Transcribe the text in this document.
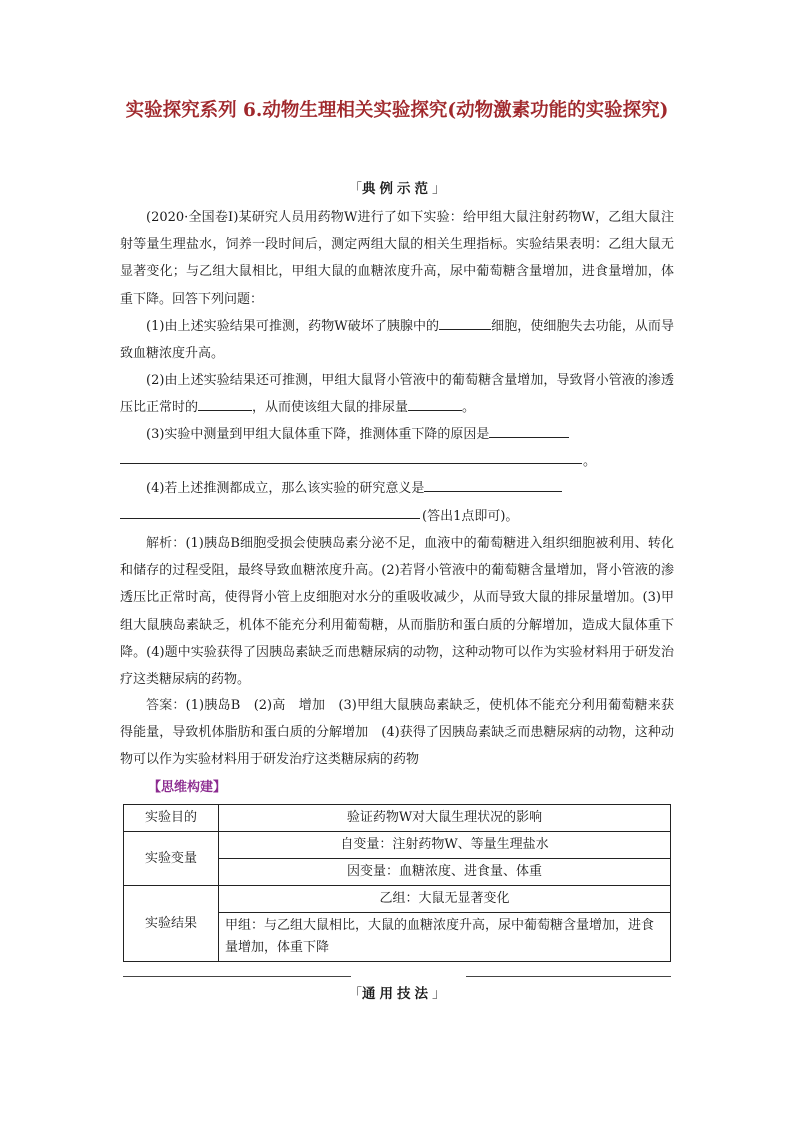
实验探究系列 6.动物生理相关实验探究(动物激素功能的实验探究)
「典例示范」

(2020·全国卷Ⅰ)某研究人员用药物W进行了如下实验：给甲组大鼠注射药物W，乙组大鼠注射等量生理盐水，饲养一段时间后，测定两组大鼠的相关生理指标。实验结果表明：乙组大鼠无显著变化；与乙组大鼠相比，甲组大鼠的血糖浓度升高，尿中葡萄糖含量增加，进食量增加，体重下降。回答下列问题：

(1)由上述实验结果可推测，药物W破坏了胰腺中的	细胞，使细胞失去功能，从而导致血糖浓度升高。

(2)由上述实验结果还可推测，甲组大鼠肾小管液中的葡萄糖含量增加，导致肾小管液的渗透压比正常时的	，从而使该组大鼠的排尿量	。

(3)实验中测量到甲组大鼠体重下降，推测体重下降的原因是

。

(4)若上述推测都成立，那么该实验的研究意义是

(答出1点即可)。

解析：(1)胰岛B细胞受损会使胰岛素分泌不足，血液中的葡萄糖进入组织细胞被利用、转化和储存的过程受阻，最终导致血糖浓度升高。(2)若肾小管液中的葡萄糖含量增加，肾小管液的渗透压比正常时高，使得肾小管上皮细胞对水分的重吸收减少，从而导致大鼠的排尿量增加。(3)甲组大鼠胰岛素缺乏，机体不能充分利用葡萄糖，从而脂肪和蛋白质的分解增加，造成大鼠体重下降。(4)题中实验获得了因胰岛素缺乏而患糖尿病的动物，这种动物可以作为实验材料用于研发治疗这类糖尿病的药物。

答案：(1)胰岛B　(2)高　增加　(3)甲组大鼠胰岛素缺乏，使机体不能充分利用葡萄糖来获得能量，导致机体脂肪和蛋白质的分解增加　(4)获得了因胰岛素缺乏而患糖尿病的动物，这种动物可以作为实验材料用于研发治疗这类糖尿病的药物

【思维构建】
实验目的	验证药物W对大鼠生理状况的影响
实验变量	自变量：注射药物W、等量生理盐水
	因变量：血糖浓度、进食量、体重
实验结果	乙组：大鼠无显著变化
	甲组：与乙组大鼠相比，大鼠的血糖浓度升高，尿中葡萄糖含量增加，进食量增加，体重下降
「通用技法」
